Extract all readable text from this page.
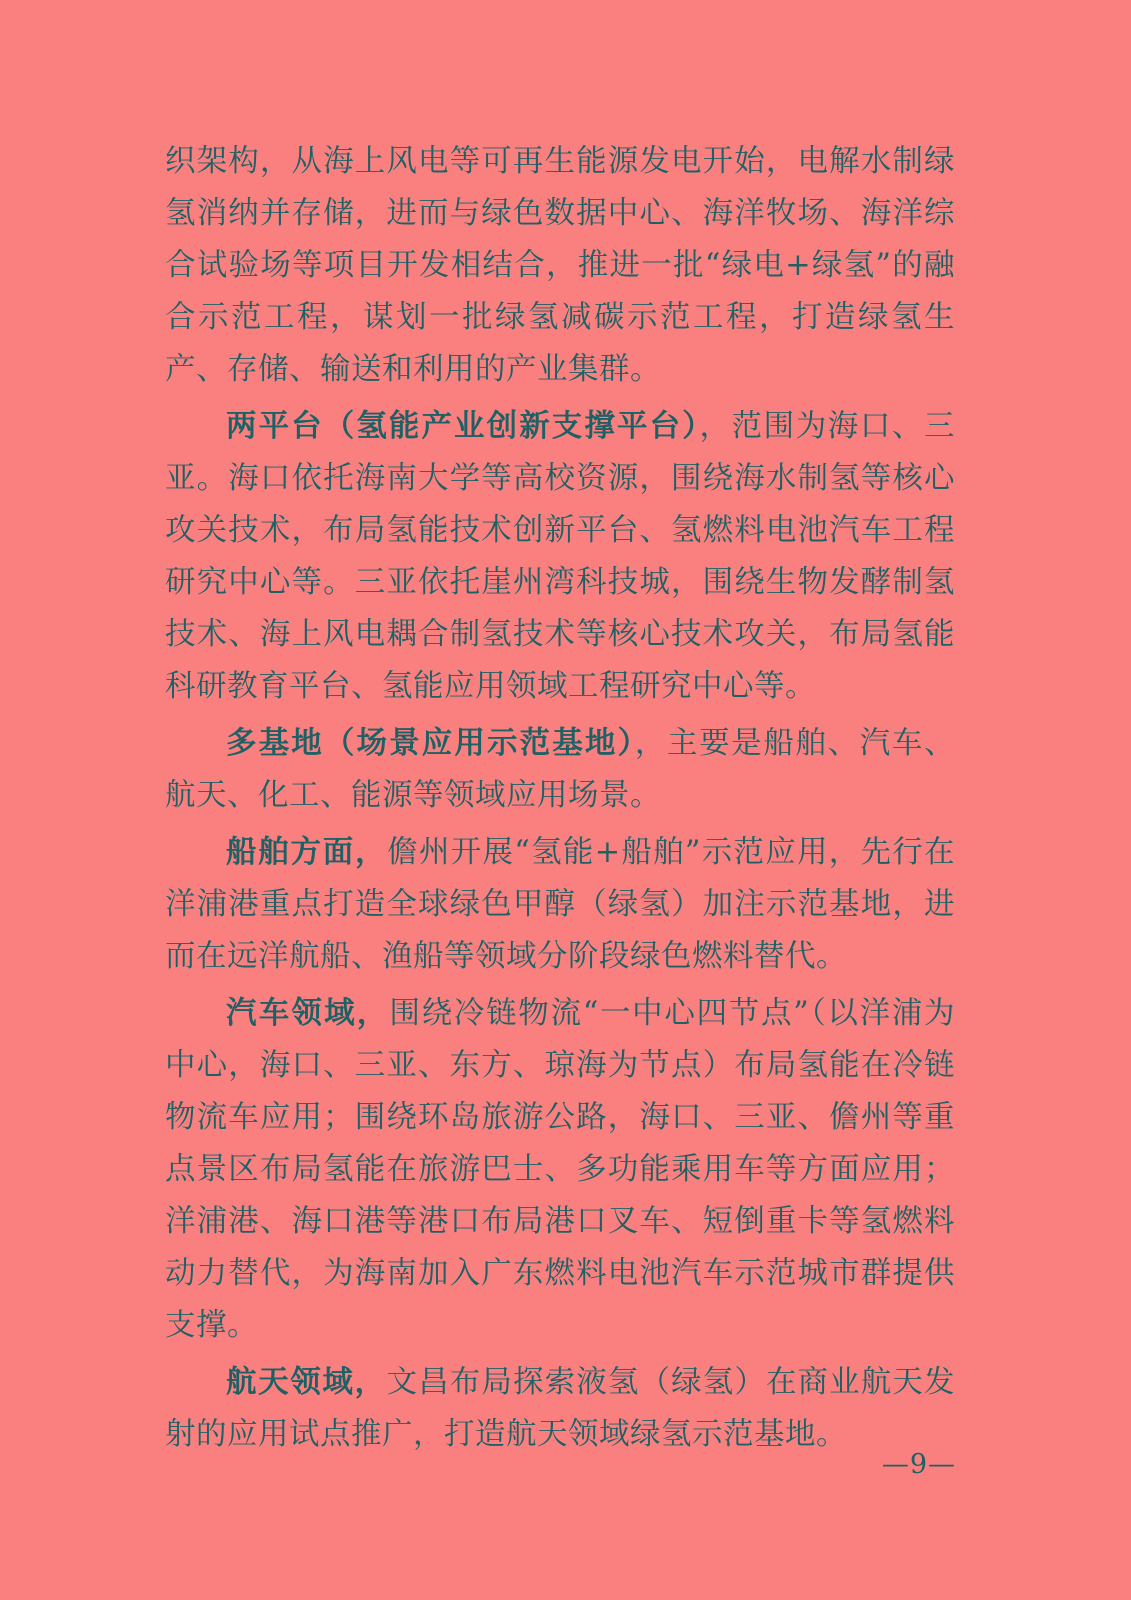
织架构，从海上风电等可再生能源发电开始，电解水制绿氢消纳并存储，进而与绿色数据中心、海洋牧场、海洋综合试验场等项目开发相结合，推进一批“绿电+绿氢”的融合示范工程，谋划一批绿氢减碳示范工程，打造绿氢生产、存储、输送和利用的产业集群。

两平台（氢能产业创新支撑平台），范围为海口、三亚。海口依托海南大学等高校资源，围绕海水制氢等核心攻关技术，布局氢能技术创新平台、氢燃料电池汽车工程研究中心等。三亚依托崖州湾科技城，围绕生物发酵制氢技术、海上风电耦合制氢技术等核心技术攻关，布局氢能科研教育平台、氢能应用领域工程研究中心等。

多基地（场景应用示范基地），主要是船舶、汽车、航天、化工、能源等领域应用场景。

船舶方面，儋州开展“氢能+船舶”示范应用，先行在洋浦港重点打造全球绿色甲醇（绿氢）加注示范基地，进而在远洋航船、渔船等领域分阶段绿色燃料替代。

汽车领域，围绕冷链物流“一中心四节点”（以洋浦为中心，海口、三亚、东方、琼海为节点）布局氢能在冷链物流车应用；围绕环岛旅游公路，海口、三亚、儋州等重点景区布局氢能在旅游巴士、多功能乘用车等方面应用；洋浦港、海口港等港口布局港口叉车、短倒重卡等氢燃料动力替代，为海南加入广东燃料电池汽车示范城市群提供支撑。

航天领域，文昌布局探索液氢（绿氢）在商业航天发射的应用试点推广，打造航天领域绿氢示范基地。

—9—
